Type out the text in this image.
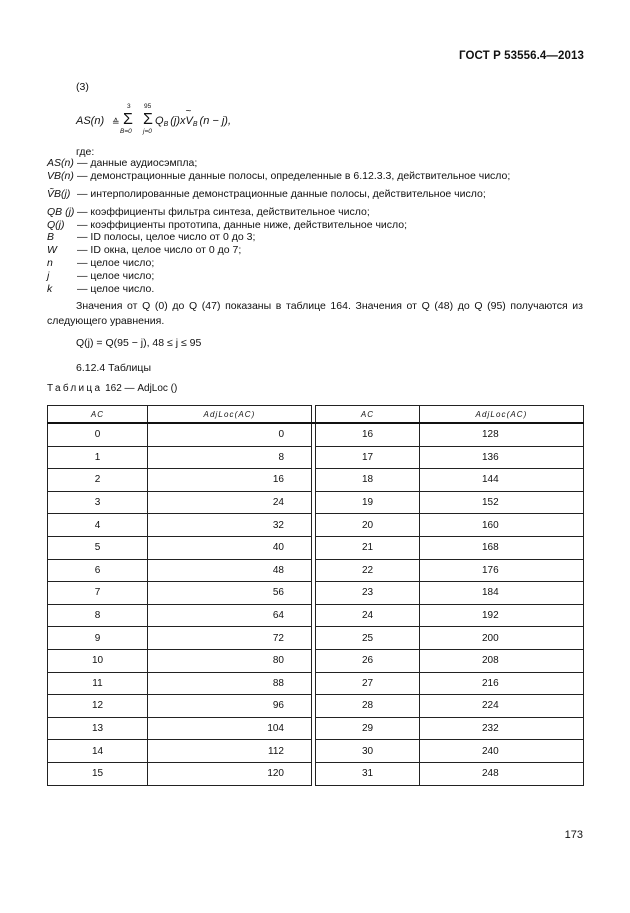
ГОСТ Р 53556.4—2013
(3)
AS(n) ≙
3
Σ
B=0
95
Σ
j=0
$Q_B$ (j)x~ $V_B$ (n − j),
где:
AS(n) — данные аудиосэмпла;
VB(n) — демонстрационные данные полосы, определенные в 6.12.3.3, действительное число;
ṼB(j) — интерполированные демонстрационные данные полосы, действительное число;
QB (j) — коэффициенты фильтра синтеза, действительное число;
Q(j)	— коэффициенты прототипа, данные ниже, действительное число;
B	— ID полосы, целое число от 0 до 3;
W	— ID окна, целое число от 0 до 7;
n	— целое число;
j	— целое число;
k	— целое число.
Значения от Q (0) до Q (47) показаны в таблице 164. Значения от Q (48) до Q (95) получаются из следующего уравнения.
Q(j) = Q(95 − j), 48 ≤ j ≤ 95
6.12.4 Таблицы
Таблица 162 — AdjLoc ()
AC	AdjLoc(AC)		AC	AdjLoc(AC)
0	0		16	128
1	8		17	136
2	16		18	144
3	24		19	152
4	32		20	160
5	40		21	168
6	48		22	176
7	56		23	184
8	64		24	192
9	72		25	200
10	80		26	208
11	88		27	216
12	96		28	224
13	104		29	232
14	112		30	240
15	120		31	248
173
